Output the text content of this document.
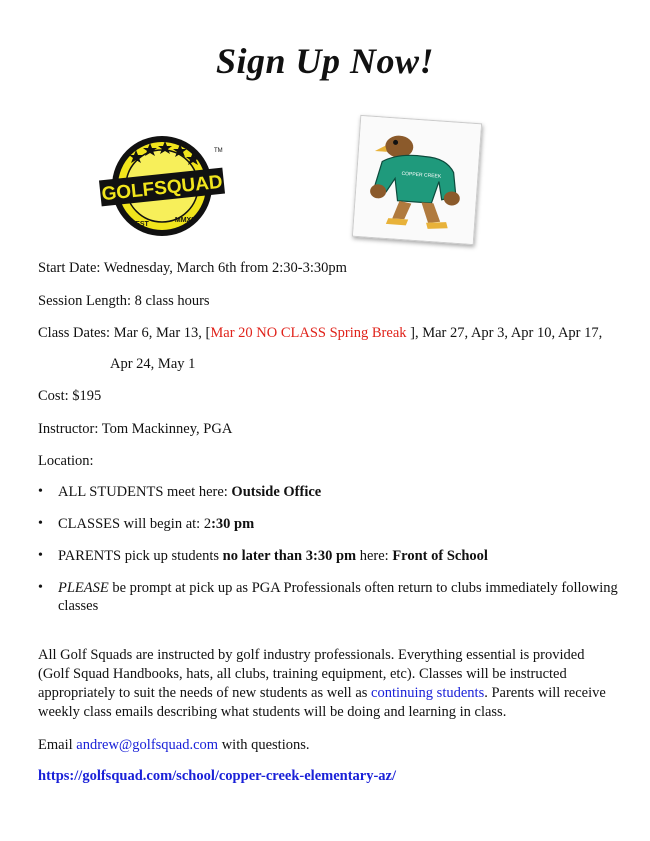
Sign Up Now!
GOLFSQUAD
EST
MMXI
TM
COPPER CREEK

Start Date: Wednesday, March 6th from 2:30-3:30pm

Session Length: 8 class hours

Class Dates: Mar 6, Mar 13, [Mar 20 NO CLASS Spring Break ], Mar 27, Apr 3, Apr 10, Apr 17,

Apr 24, May 1

Cost: $195

Instructor: Tom Mackinney, PGA

Location:

• ALL STUDENTS meet here: Outside Office
• CLASSES will begin at: 2:30 pm
• PARENTS pick up students no later than 3:30 pm here: Front of School
• PLEASE be prompt at pick up as PGA Professionals often return to clubs immediately following classes

All Golf Squads are instructed by golf industry professionals. Everything essential is provided (Golf Squad Handbooks, hats, all clubs, training equipment, etc). Classes will be instructed appropriately to suit the needs of new students as well as continuing students. Parents will receive weekly class emails describing what students will be doing and learning in class.

Email andrew@golfsquad.com with questions.

https://golfsquad.com/school/copper-creek-elementary-az/
